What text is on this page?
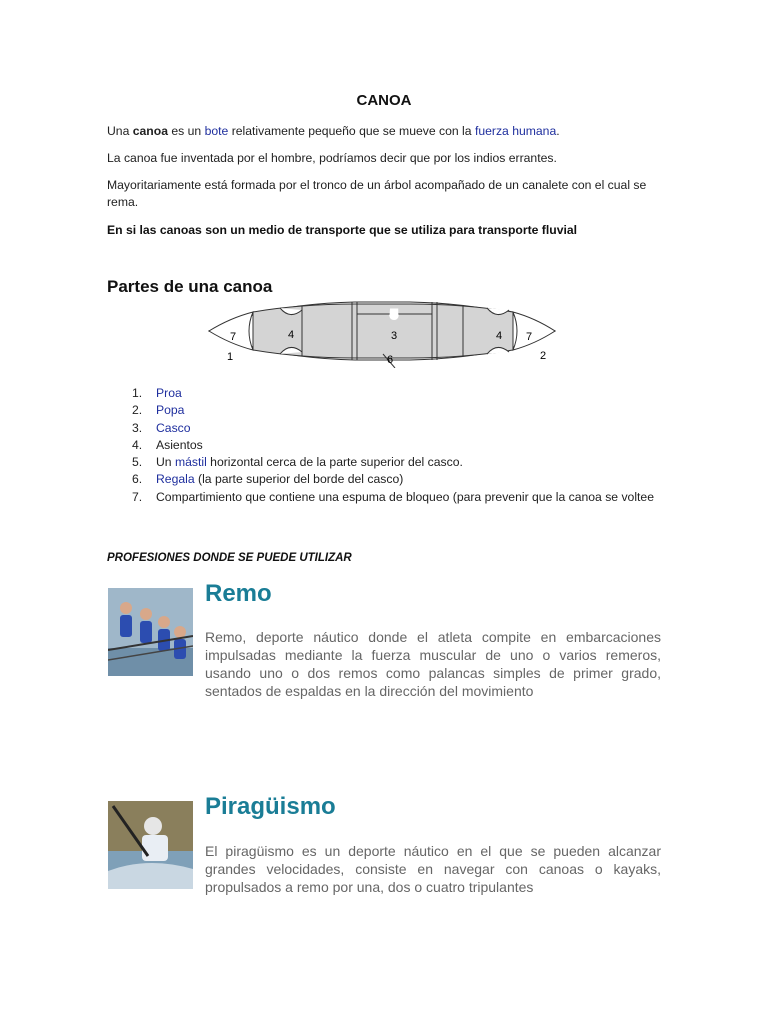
CANOA
Una canoa es un bote relativamente pequeño que se mueve con la fuerza humana.
La canoa fue inventada por el hombre, podríamos decir que por los indios errantes.
Mayoritariamente está formada por el tronco de un árbol acompañado de un canalete con el cual se rema.
En si las canoas son un medio de transporte que se utiliza para transporte fluvial
Partes de una canoa
7	4	3
5
6
4 7
1	2
1.	Proa
2.	Popa
3.	Casco
4.	Asientos
5.	Un mástil horizontal cerca de la parte superior del casco.
6.	Regala (la parte superior del borde del casco)
7.	Compartimiento que contiene una espuma de bloqueo (para prevenir que la canoa se voltee
PROFESIONES DONDE SE PUEDE UTILIZAR
Remo
Remo, deporte náutico donde el atleta compite en embarcaciones impulsadas mediante la fuerza muscular de uno o varios remeros, usando uno o dos remos como palancas simples de primer grado, sentados de espaldas en la dirección del movimiento
Piragüismo
El piragüismo es un deporte náutico en el que se pueden alcanzar grandes velocidades, consiste en navegar con canoas o kayaks, propulsados a remo por una, dos o cuatro tripulantes
